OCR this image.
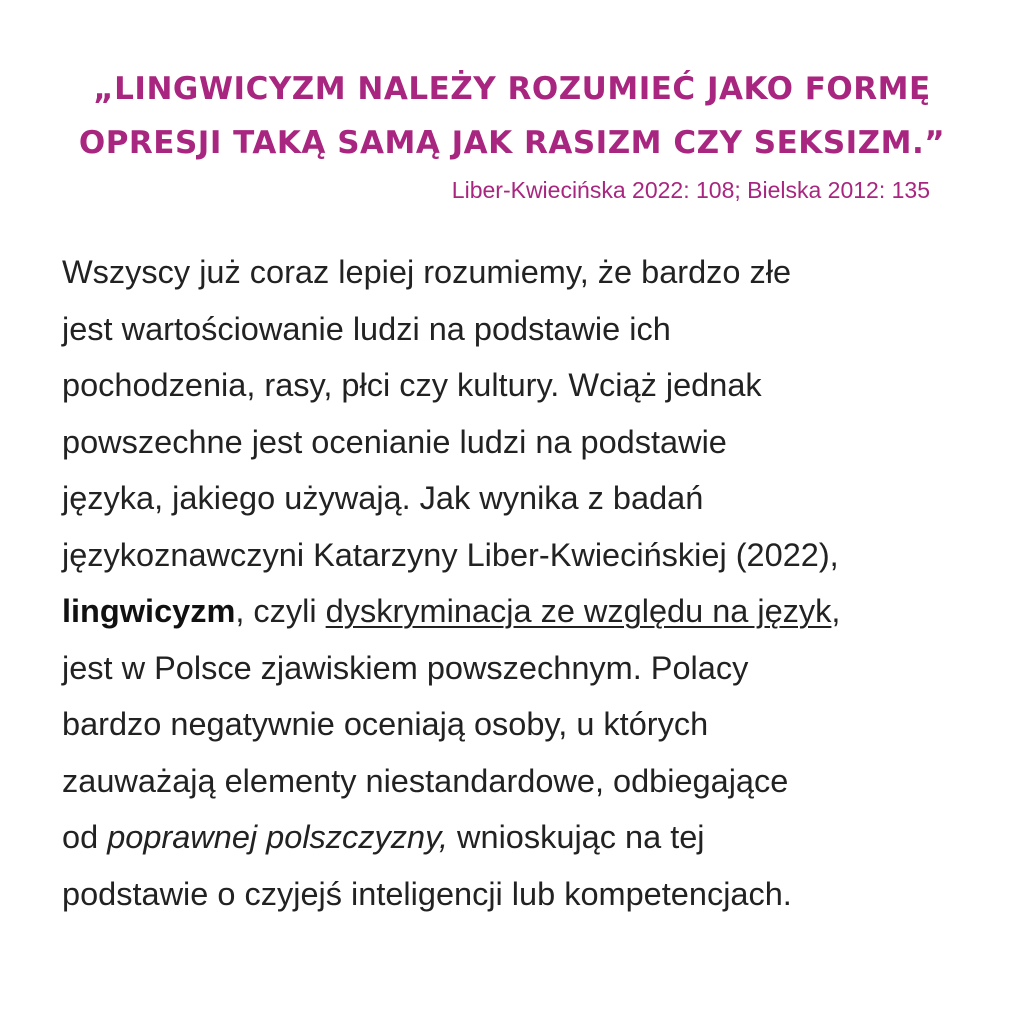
„LINGWICYZM NALEŻY ROZUMIEĆ JAKO FORMĘ
OPRESJI TAKĄ SAMĄ JAK RASIZM CZY SEKSIZM.”

Liber-Kwiecińska 2022: 108; Bielska 2012: 135

Wszyscy już coraz lepiej rozumiemy, że bardzo złe
jest wartościowanie ludzi na podstawie ich
pochodzenia, rasy, płci czy kultury. Wciąż jednak
powszechne jest ocenianie ludzi na podstawie
języka, jakiego używają. Jak wynika z badań
językoznawczyni Katarzyny Liber-Kwiecińskiej (2022),
lingwicyzm, czyli dyskryminacja ze względu na język,
jest w Polsce zjawiskiem powszechnym. Polacy
bardzo negatywnie oceniają osoby, u których
zauważają elementy niestandardowe, odbiegające
od poprawnej polszczyzny, wnioskując na tej
podstawie o czyjejś inteligencji lub kompetencjach.
